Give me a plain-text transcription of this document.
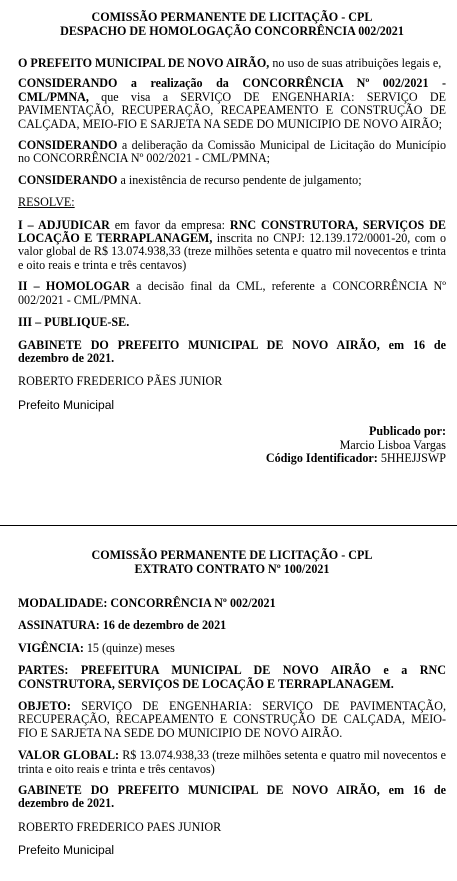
COMISSÃO PERMANENTE DE LICITAÇÃO - CPL
DESPACHO DE HOMOLOGAÇÃO CONCORRÊNCIA 002/2021

O PREFEITO MUNICIPAL DE NOVO AIRÃO, no uso de suas atribuições legais e,

CONSIDERANDO a realização da CONCORRÊNCIA Nº 002/2021 - CML/PMNA, que visa a SERVIÇO DE ENGENHARIA: SERVIÇO DE PAVIMENTAÇÃO, RECUPERAÇÃO, RECAPEAMENTO E CONSTRUÇÃO DE CALÇADA, MEIO-FIO E SARJETA NA SEDE DO MUNICIPIO DE NOVO AIRÃO;

CONSIDERANDO a deliberação da Comissão Municipal de Licitação do Município no CONCORRÊNCIA Nº 002/2021 - CML/PMNA;

CONSIDERANDO a inexistência de recurso pendente de julgamento;

RESOLVE:

I – ADJUDICAR em favor da empresa: RNC CONSTRUTORA, SERVIÇOS DE LOCAÇÃO E TERRAPLANAGEM, inscrita no CNPJ: 12.139.172/0001-20, com o valor global de R$ 13.074.938,33 (treze milhões setenta e quatro mil novecentos e trinta e oito reais e trinta e três centavos)

II – HOMOLOGAR a decisão final da CML, referente a CONCORRÊNCIA Nº 002/2021 - CML/PMNA.

III – PUBLIQUE-SE.

GABINETE DO PREFEITO MUNICIPAL DE NOVO AIRÃO, em 16 de dezembro de 2021.

ROBERTO FREDERICO PÃES JUNIOR
Prefeito Municipal
Publicado por:
Marcio Lisboa Vargas
Código Identificador: 5HHEJJSWP
COMISSÃO PERMANENTE DE LICITAÇÃO - CPL
EXTRATO CONTRATO Nº 100/2021

MODALIDADE: CONCORRÊNCIA Nº 002/2021

ASSINATURA: 16 de dezembro de 2021

VIGÊNCIA: 15 (quinze) meses

PARTES: PREFEITURA MUNICIPAL DE NOVO AIRÃO e a RNC CONSTRUTORA, SERVIÇOS DE LOCAÇÃO E TERRAPLANAGEM.

OBJETO: SERVIÇO DE ENGENHARIA: SERVIÇO DE PAVIMENTAÇÃO, RECUPERAÇÃO, RECAPEAMENTO E CONSTRUÇÃO DE CALÇADA, MEIO-FIO E SARJETA NA SEDE DO MUNICIPIO DE NOVO AIRÃO.

VALOR GLOBAL: R$ 13.074.938,33 (treze milhões setenta e quatro mil novecentos e trinta e oito reais e trinta e três centavos)

GABINETE DO PREFEITO MUNICIPAL DE NOVO AIRÃO, em 16 de dezembro de 2021.

ROBERTO FREDERICO PAES JUNIOR
Prefeito Municipal
